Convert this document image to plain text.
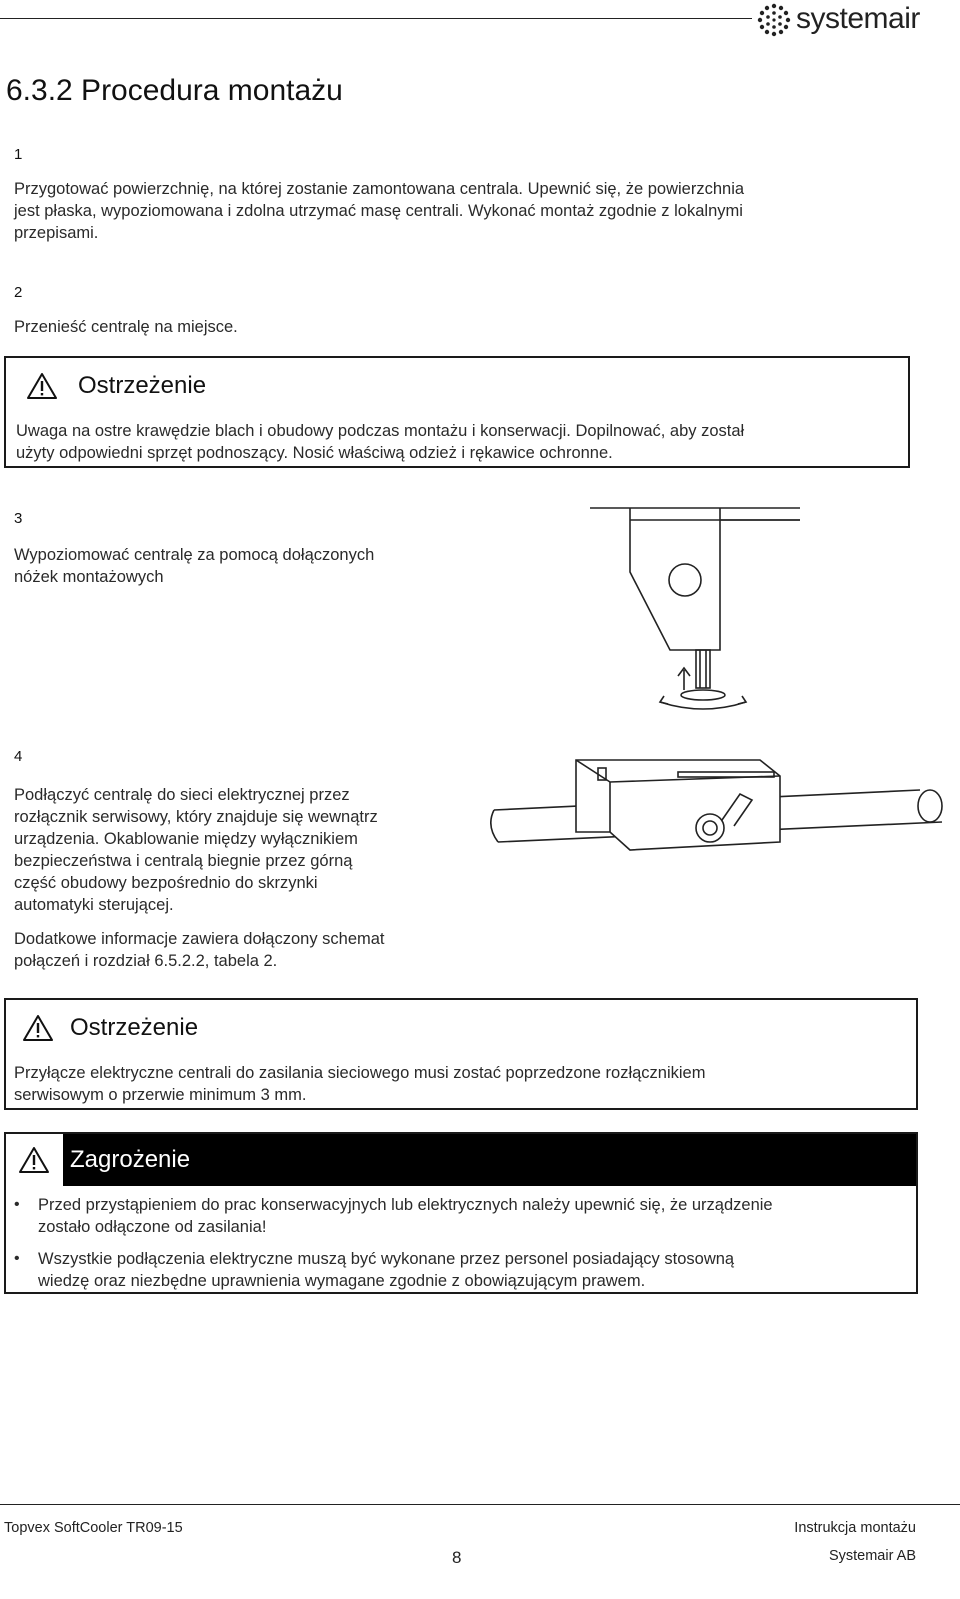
systemair
6.3.2 Procedura montażu
1
Przygotować powierzchnię, na której zostanie zamontowana centrala. Upewnić się, że powierzchnia
jest płaska, wypoziomowana i zdolna utrzymać masę centrali. Wykonać montaż zgodnie z lokalnymi
przepisami.
2
Przenieść centralę na miejsce.
Ostrzeżenie
Uwaga na ostre krawędzie blach i obudowy podczas montażu i konserwacji. Dopilnować, aby został
użyty odpowiedni sprzęt podnoszący. Nosić właściwą odzież i rękawice ochronne.
3
Wypoziomować centralę za pomocą dołączonych
nóżek montażowych
4
Podłączyć centralę do sieci elektrycznej przez
rozłącznik serwisowy, który znajduje się wewnątrz
urządzenia. Okablowanie między wyłącznikiem
bezpieczeństwa i centralą biegnie przez górną
część obudowy bezpośrednio do skrzynki
automatyki sterującej.
Dodatkowe informacje zawiera dołączony schemat
połączeń i rozdział 6.5.2.2, tabela 2.
Ostrzeżenie
Przyłącze elektryczne centrali do zasilania sieciowego musi zostać poprzedzone rozłącznikiem
serwisowym o przerwie minimum 3 mm.
Zagrożenie
• Przed przystąpieniem do prac konserwacyjnych lub elektrycznych należy upewnić się, że urządzenie
zostało odłączone od zasilania!
• Wszystkie podłączenia elektryczne muszą być wykonane przez personel posiadający stosowną
wiedzę oraz niezbędne uprawnienia wymagane zgodnie z obowiązującym prawem.
Topvex SoftCooler TR09-15	Instrukcja montażu
8	Systemair AB
